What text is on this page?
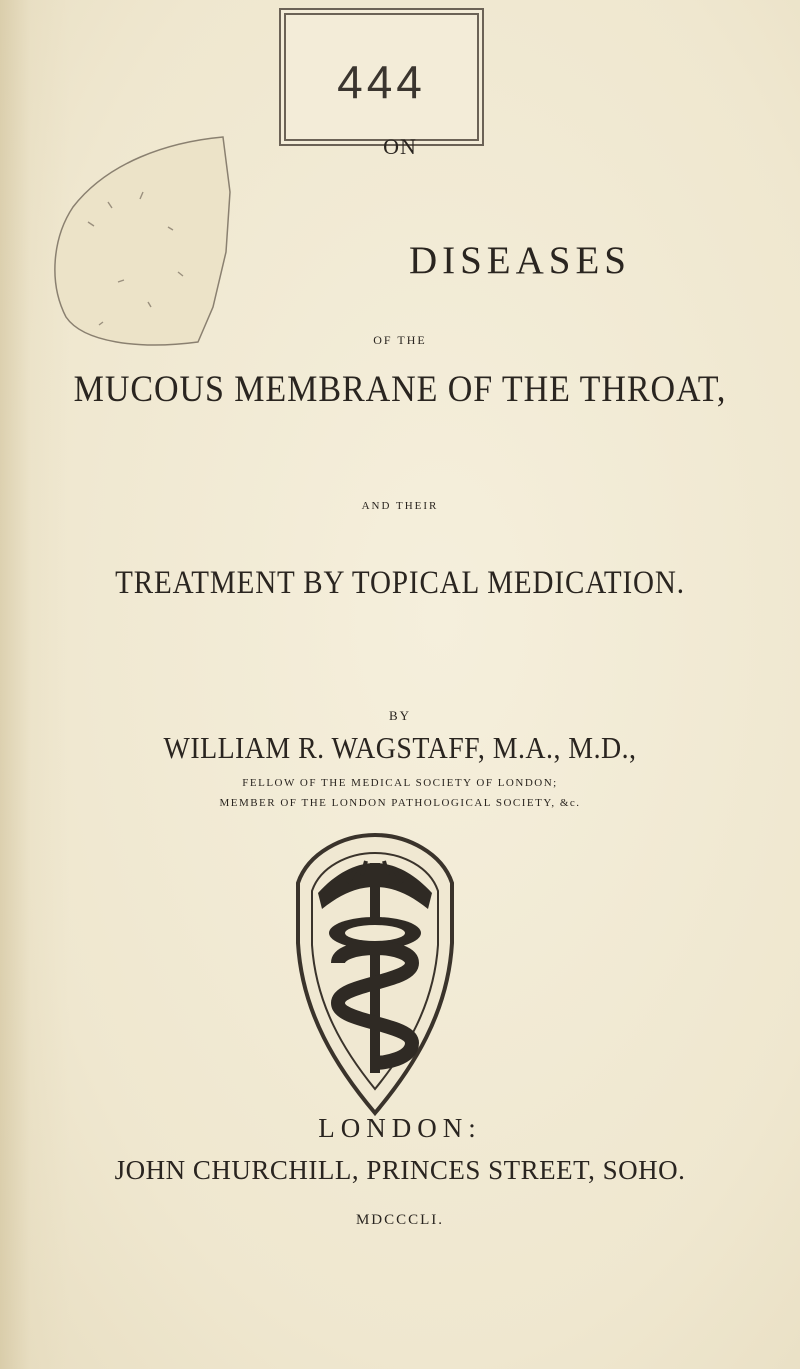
444
ON
DISEASES
OF THE
MUCOUS MEMBRANE OF THE THROAT,
AND THEIR
TREATMENT BY TOPICAL MEDICATION.
BY
WILLIAM R. WAGSTAFF, M.A., M.D.,
FELLOW OF THE MEDICAL SOCIETY OF LONDON;
MEMBER OF THE LONDON PATHOLOGICAL SOCIETY, &c.
LONDON:
JOHN CHURCHILL, PRINCES STREET, SOHO.
MDCCCLI.
